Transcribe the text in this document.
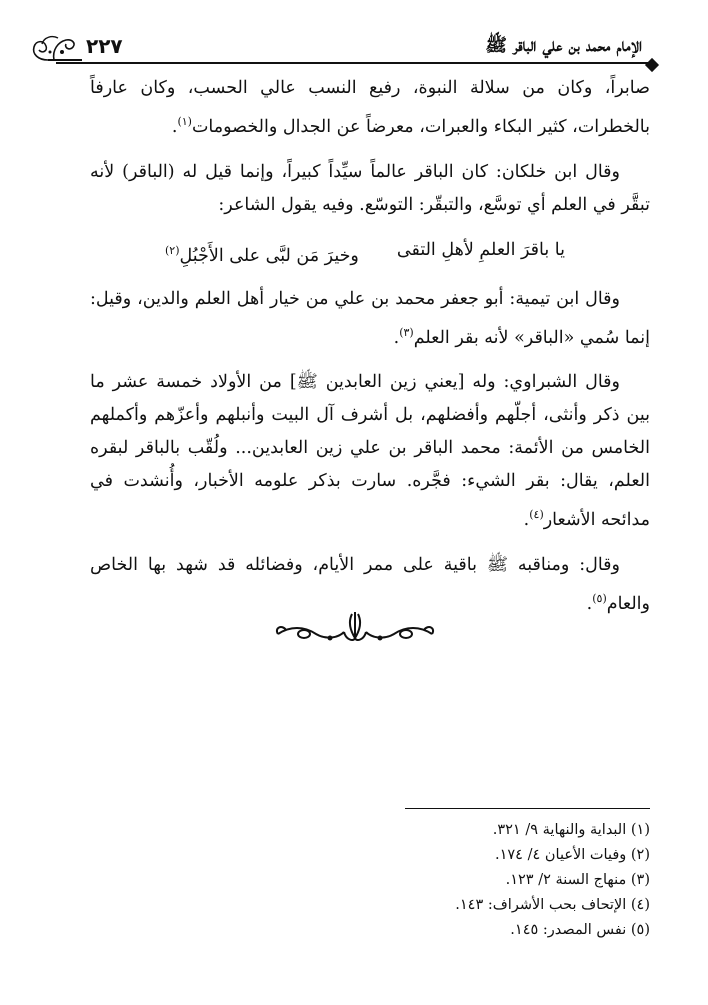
٢٢٧	الإمام محمد بن علي الباقر ﷺ

صابراً، وكان من سلالة النبوة، رفيع النسب عالي الحسب، وكان عارفاً بالخطرات، كثير البكاء والعبرات، معرضاً عن الجدال والخصومات$^{(١)}$.

وقال ابن خلكان: كان الباقر عالماً سيِّداً كبيراً، وإنما قيل له (الباقر) لأنه تبقَّر في العلم أي توسَّع، والتبقّر: التوسّع. وفيه يقول الشاعر:

يا باقرَ العلمِ لأهلِ التقى
وخيرَ مَن لبَّى على الأَجْبُلِ$^{(٢)}$

وقال ابن تيمية: أبو جعفر محمد بن علي من خيار أهل العلم والدين، وقيل: إنما سُمي «الباقر» لأنه بقر العلم$^{(٣)}$.

وقال الشبراوي: وله [يعني زين العابدين ﷺ] من الأولاد خمسة عشر ما بين ذكر وأنثى، أجلّهم وأفضلهم، بل أشرف آل البيت وأنبلهم وأعزّهم وأكملهم الخامس من الأئمة: محمد الباقر بن علي زين العابدين... ولُقّب بالباقر لبقره العلم، يقال: بقر الشيء: فجَّره. سارت بذكر علومه الأخبار، وأُنشدت في مدائحه الأشعار$^{(٤)}$.

وقال: ومناقبه ﷺ باقية على ممر الأيام، وفضائله قد شهد بها الخاص والعام$^{(٥)}$.

(١) البداية والنهاية ٩/ ٣٢١.
(٢) وفيات الأعيان ٤/ ١٧٤.
(٣) منهاج السنة ٢/ ١٢٣.
(٤) الإتحاف بحب الأشراف: ١٤٣.
(٥) نفس المصدر: ١٤٥.
